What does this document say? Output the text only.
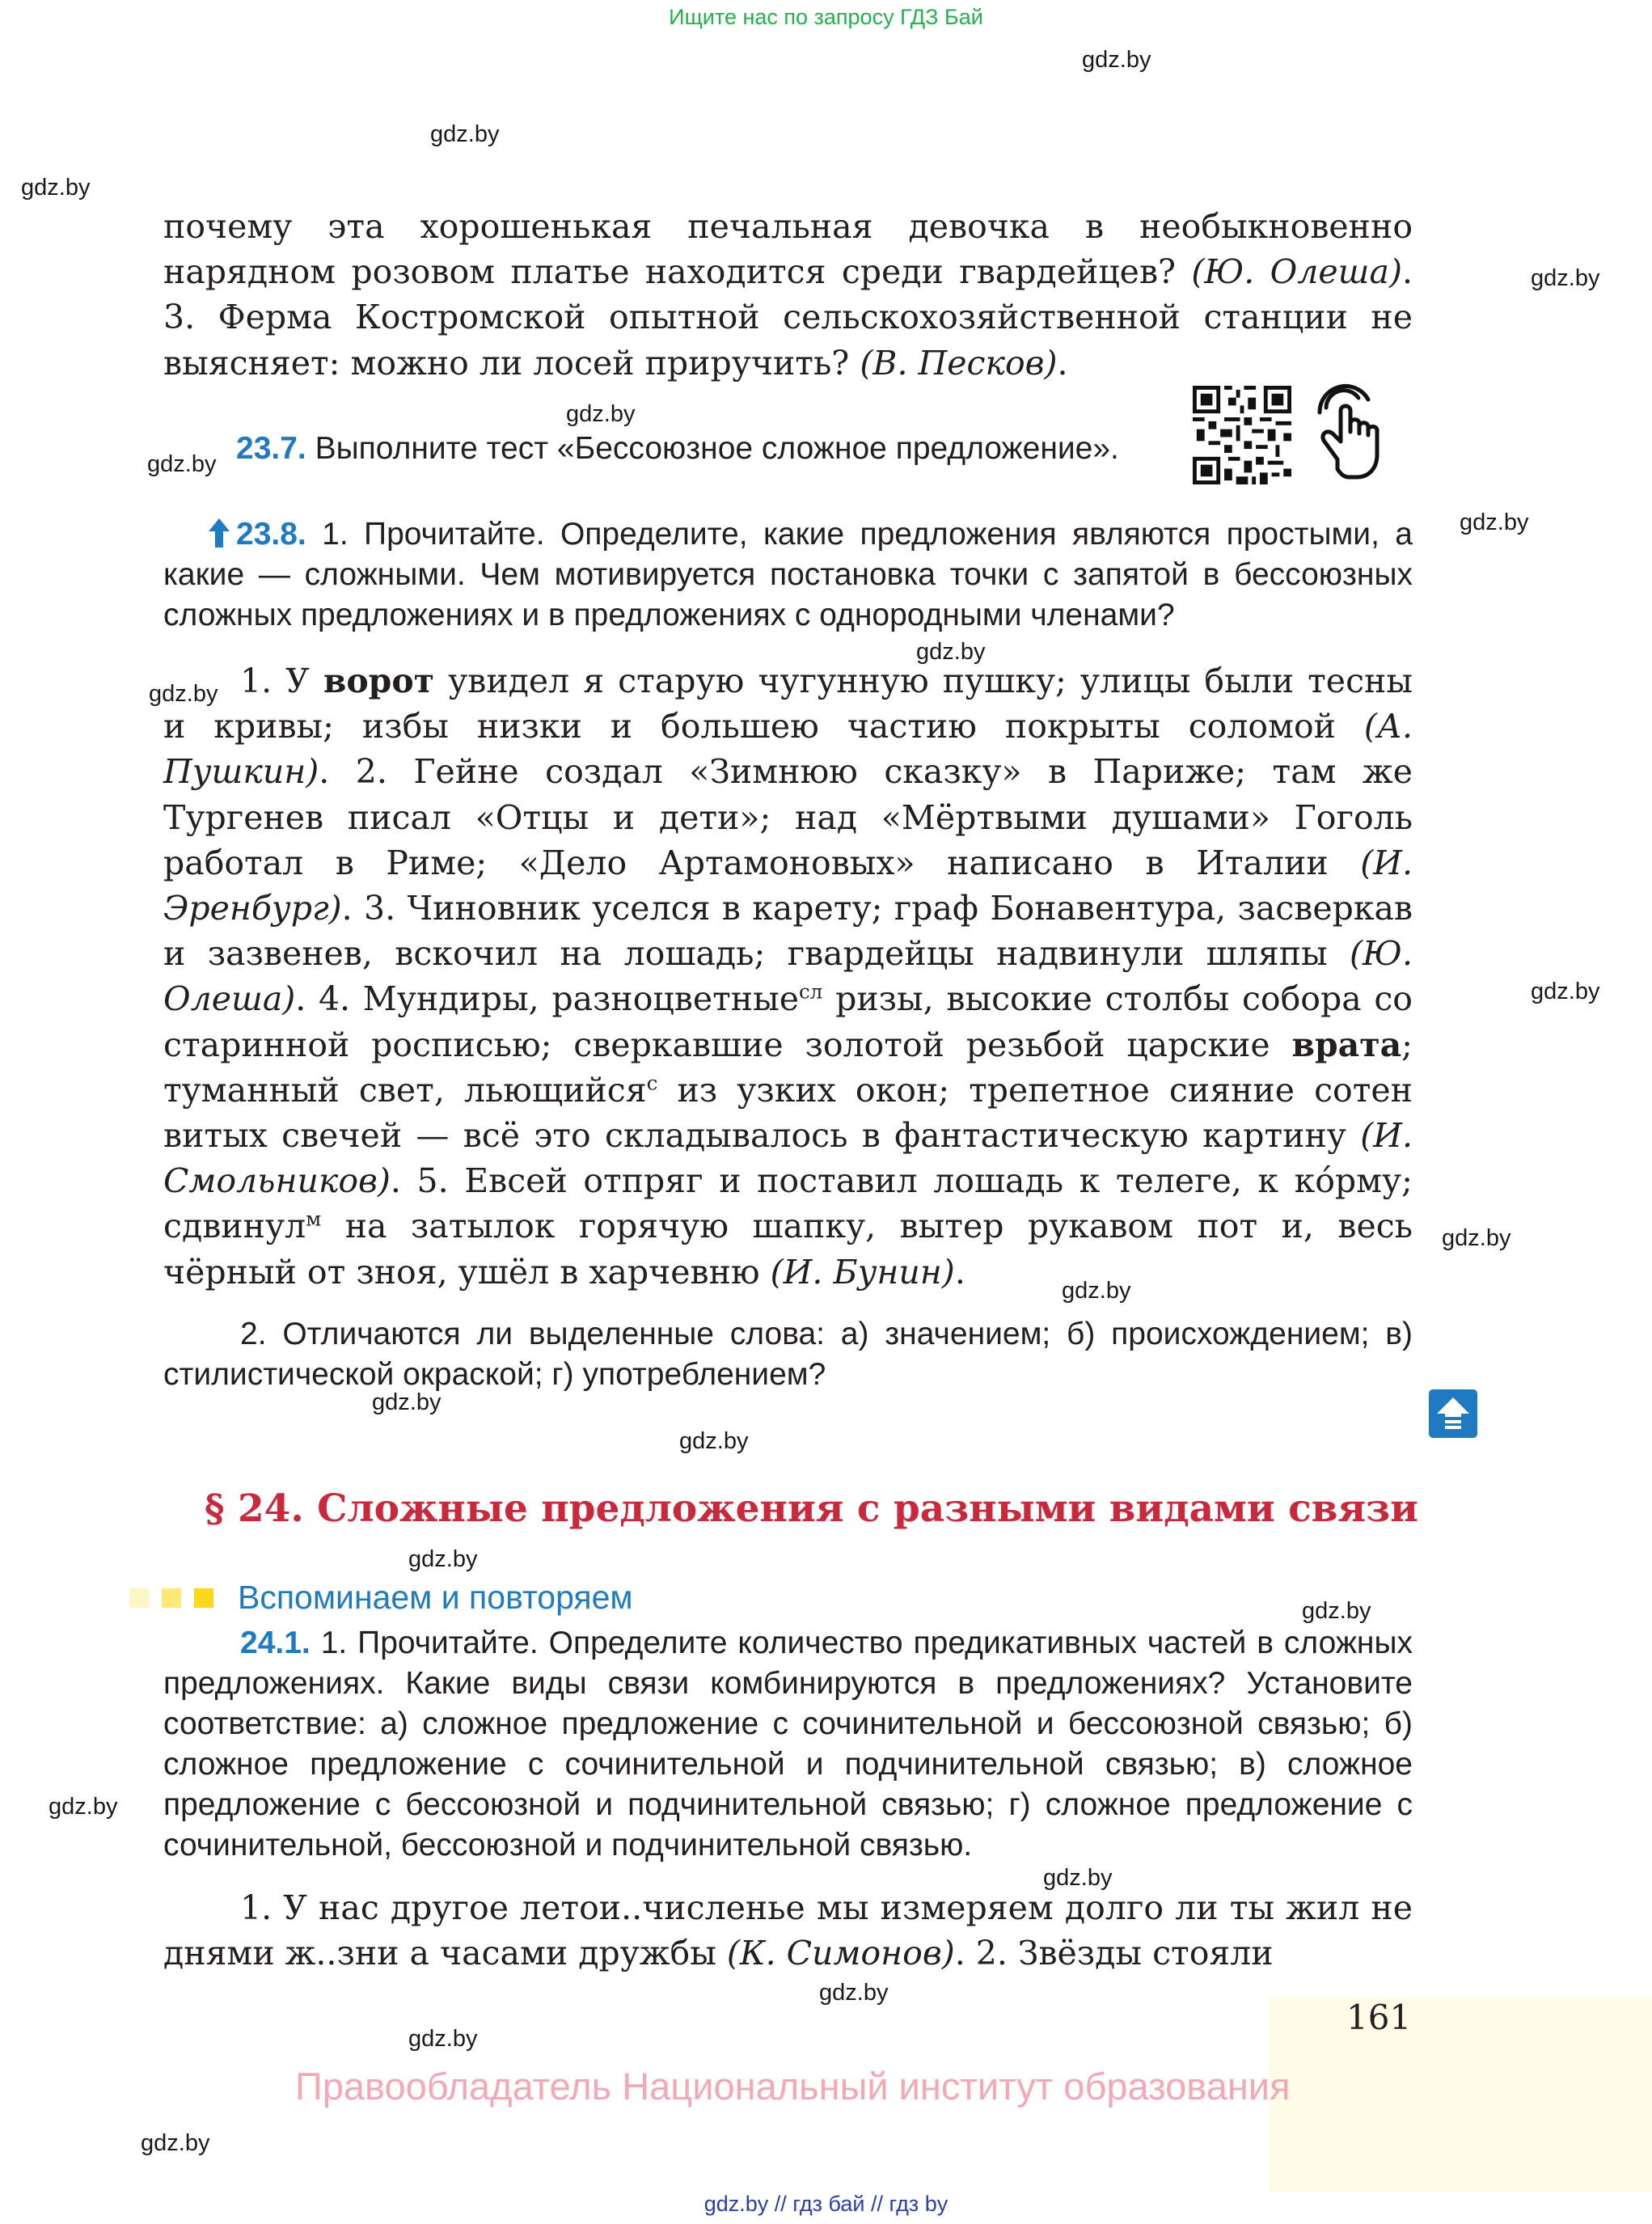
Ищите нас по запросу ГДЗ Бай
gdz.by
gdz.by
gdz.by
gdz.by
gdz.by
gdz.by
gdz.by
gdz.by
gdz.by
gdz.by
gdz.by
gdz.by
gdz.by
gdz.by
gdz.by
gdz.by
gdz.by
gdz.by
gdz.by
gdz.by
gdz.by

почему эта хорошенькая печальная девочка в необыкновенно нарядном розовом платье находится среди гвардейцев? (Ю. Олеша). 3. Ферма Костромской опытной сельскохозяйственной станции не выясняет: можно ли лосей приручить? (В. Песков).

23.7. Выполните тест «Бессоюзное сложное предложение».

23.8. 1. Прочитайте. Определите, какие предложения являются простыми, а какие — сложными. Чем мотивируется постановка точки с запятой в бессоюзных сложных предложениях и в предложениях с однородными членами?

1. У ворот увидел я старую чугунную пушку; улицы были тесны и кривы; избы низки и большею частию покрыты соломой (А. Пушкин). 2. Гейне создал «Зимнюю сказку» в Париже; там же Тургенев писал «Отцы и дети»; над «Мёртвыми душами» Гоголь работал в Риме; «Дело Артамоновых» написано в Италии (И. Эренбург). 3. Чиновник уселся в карету; граф Бонавентура, засверкав и зазвенев, вскочил на лошадь; гвардейцы надвинули шляпы (Ю. Олеша). 4. Мундиры, разноцветные$^{сл}$ ризы, высокие столбы собора со старинной росписью; сверкавшие золотой резьбой царские врата; туманный свет, льющийся$^с$ из узких окон; трепетное сияние сотен витых свечей — всё это складывалось в фантастическую картину (И. Смольников). 5. Евсей отпряг и поставил лошадь к телеге, к ко́рму; сдвинул$^м$ на затылок горячую шапку, вытер рукавом пот и, весь чёрный от зноя, ушёл в харчевню (И. Бунин).

2. Отличаются ли выделенные слова: а) значением; б) происхождением; в) стилистической окраской; г) употреблением?

§ 24. Сложные предложения с разными видами связи
Вспоминаем и повторяем

24.1. 1. Прочитайте. Определите количество предикативных частей в сложных предложениях. Какие виды связи комбинируются в предложениях? Установите соответствие: а) сложное предложение с сочинительной и бессоюзной связью; б) сложное предложение с сочинительной и подчинительной связью; в) сложное предложение с бессоюзной и подчинительной связью; г) сложное предложение с сочинительной, бессоюзной и подчинительной связью.

1. У нас другое летои..численье мы измеряем долго ли ты жил не днями ж..зни а часами дружбы (К. Симонов). 2. Звёзды стояли

161
Правообладатель Национальный институт образования
gdz.by // гдз бай // гдз by
